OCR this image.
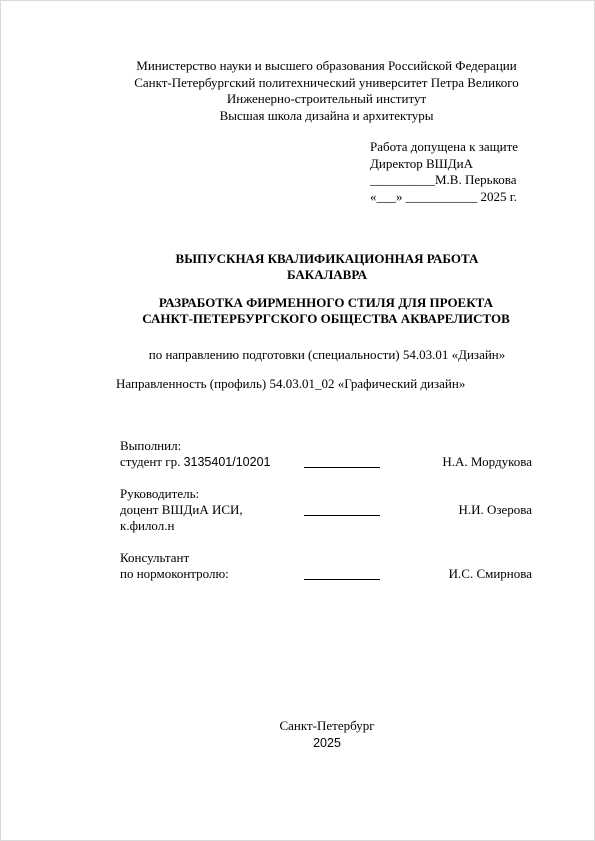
Министерство науки и высшего образования Российской Федерации
Санкт-Петербургский политехнический университет Петра Великого
Инженерно-строительный институт
Высшая школа дизайна и архитектуры
Работа допущена к защите
Директор ВШДиА
__________М.В. Перькова
«___» ___________ 2025 г.
ВЫПУСКНАЯ КВАЛИФИКАЦИОННАЯ РАБОТА
БАКАЛАВРА
РАЗРАБОТКА ФИРМЕННОГО СТИЛЯ ДЛЯ ПРОЕКТА
САНКТ-ПЕТЕРБУРГСКОГО ОБЩЕСТВА АКВАРЕЛИСТОВ
по направлению подготовки (специальности) 54.03.01 «Дизайн»
Направленность (профиль) 54.03.01_02 «Графический дизайн»
Выполнил:
студент гр. 3135401/10201	Н.А. Мордукова
Руководитель:
доцент ВШДиА ИСИ,
к.филол.н
Н.И. Озерова
Консультант
по нормоконтролю:	И.С. Смирнова
Санкт-Петербург
2025
